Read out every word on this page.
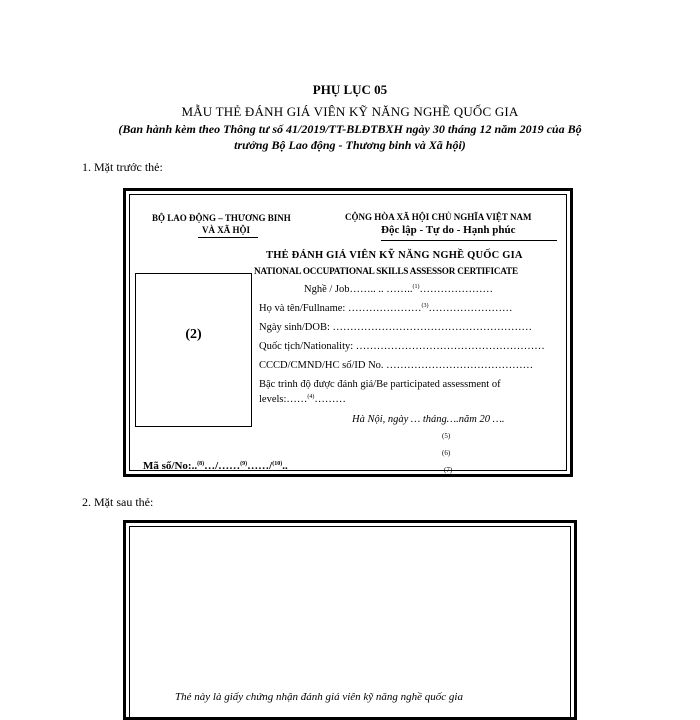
PHỤ LỤC 05
MẪU THẺ ĐÁNH GIÁ VIÊN KỸ NĂNG NGHỀ QUỐC GIA
(Ban hành kèm theo Thông tư số 41/2019/TT-BLĐTBXH ngày 30 tháng 12 năm 2019 của Bộ
trưởng Bộ Lao động - Thương binh và Xã hội)
1. Mặt trước thẻ:
BỘ LAO ĐỘNG – THƯƠNG BINH
VÀ XÃ HỘI
CỘNG HÒA XÃ HỘI CHỦ NGHĨA VIỆT NAM
Độc lập - Tự do - Hạnh phúc
(2)
THẺ ĐÁNH GIÁ VIÊN KỸ NĂNG NGHỀ QUỐC GIA
NATIONAL OCCUPATIONAL SKILLS ASSESSOR CERTIFICATE
Nghề / Job…….. .. ……..$^{(1)}$…………………
Họ và tên/Fullname: …………………$^{(3)}$……………………
Ngày sinh/DOB: …………………………………………………
Quốc tịch/Nationality: ………………………………………………
CCCD/CMND/HC số/ID No. ……………………………………
Bậc trình độ được đánh giá/Be participated assessment of
levels:……$^{(4)}$………
Hà Nội, ngày … tháng….năm 20 ….
(5)
(6)
(7)
Mã số/No:..$^{(8)}$…/……$^{(9)}$……/$^{(10)}$..
2. Mặt sau thẻ:
Thẻ này là giấy chứng nhận đánh giá viên kỹ năng nghề quốc gia
